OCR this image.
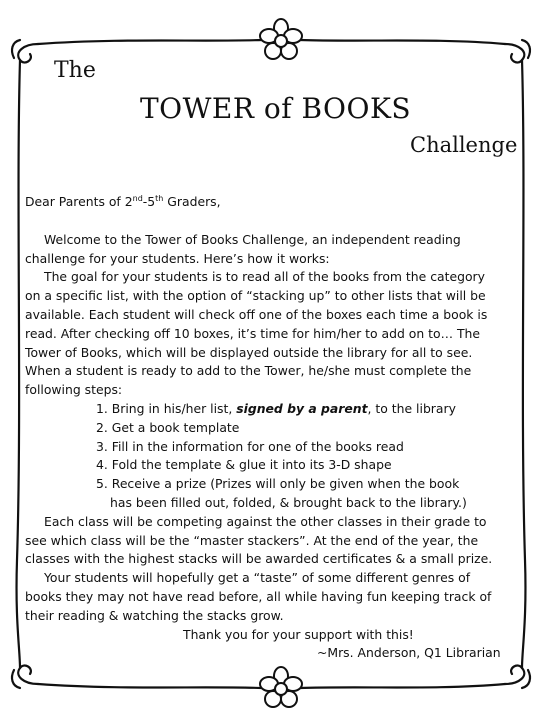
The
TOWER of BOOKS
Challenge
Dear Parents of 2nd-5th Graders,
Welcome to the Tower of Books Challenge, an independent reading
challenge for your students. Here’s how it works:
The goal for your students is to read all of the books from the category
on a specific list, with the option of “stacking up” to other lists that will be
available. Each student will check off one of the boxes each time a book is
read. After checking off 10 boxes, it’s time for him/her to add on to… The
Tower of Books, which will be displayed outside the library for all to see.
When a student is ready to add to the Tower, he/she must complete the
following steps:
1. Bring in his/her list, signed by a parent, to the library
2. Get a book template
3. Fill in the information for one of the books read
4. Fold the template & glue it into its 3-D shape
5. Receive a prize (Prizes will only be given when the book
has been filled out, folded, & brought back to the library.)
Each class will be competing against the other classes in their grade to
see which class will be the “master stackers”. At the end of the year, the
classes with the highest stacks will be awarded certificates & a small prize.
Your students will hopefully get a “taste” of some different genres of
books they may not have read before, all while having fun keeping track of
their reading & watching the stacks grow.
Thank you for your support with this!
~Mrs. Anderson, Q1 Librarian
